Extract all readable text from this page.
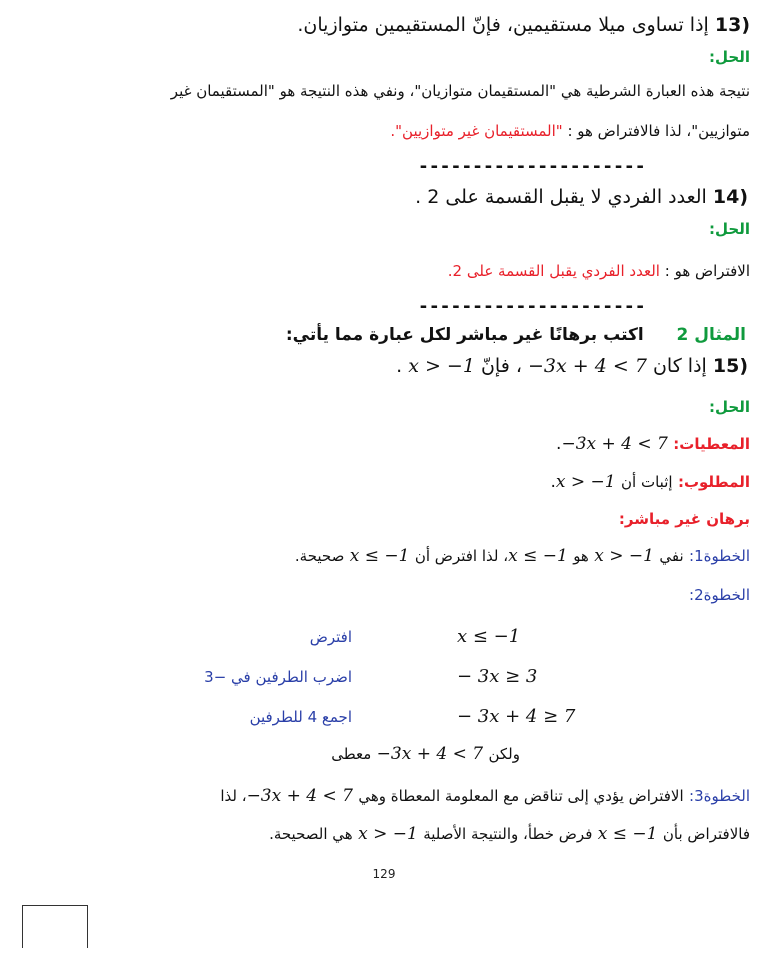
13) إذا تساوى ميلا مستقيمين، فإنّ المستقيمين متوازيان.
الحل:
نتيجة هذه العبارة الشرطية هي "المستقيمان متوازيان"، ونفي هذه النتيجة هو "المستقيمان غير
متوازيين"، لذا فالافتراض هو : "المستقيمان غير متوازيين".
---------------------
14) العدد الفردي لا يقبل القسمة على 2 .
الحل:
الافتراض هو : العدد الفردي يقبل القسمة على 2.
---------------------
المثال 2  اكتب برهانًا غير مباشر لكل عبارة مما يأتي:
15) إذا كان −3x + 4 < 7 ، فإنّ x > −1 .
الحل:
المعطيات: −3x + 4 < 7.
المطلوب: إثبات أن x > −1.
برهان غير مباشر:
الخطوة1: نفي x > −1 هو x ≤ −1، لذا افترض أن x ≤ −1 صحيحة.
الخطوة2:
x ≤ −1
افترض
− 3x ≥ 3
اضرب الطرفين في −3
− 3x + 4 ≥ 7
اجمع 4 للطرفين
ولكن −3x + 4 < 7 معطى
الخطوة3: الافتراض يؤدي إلى تناقض مع المعلومة المعطاة وهي −3x + 4 < 7، لذا
فالافتراض بأن x ≤ −1 فرض خطأ، والنتيجة الأصلية x > −1 هي الصحيحة.
129
